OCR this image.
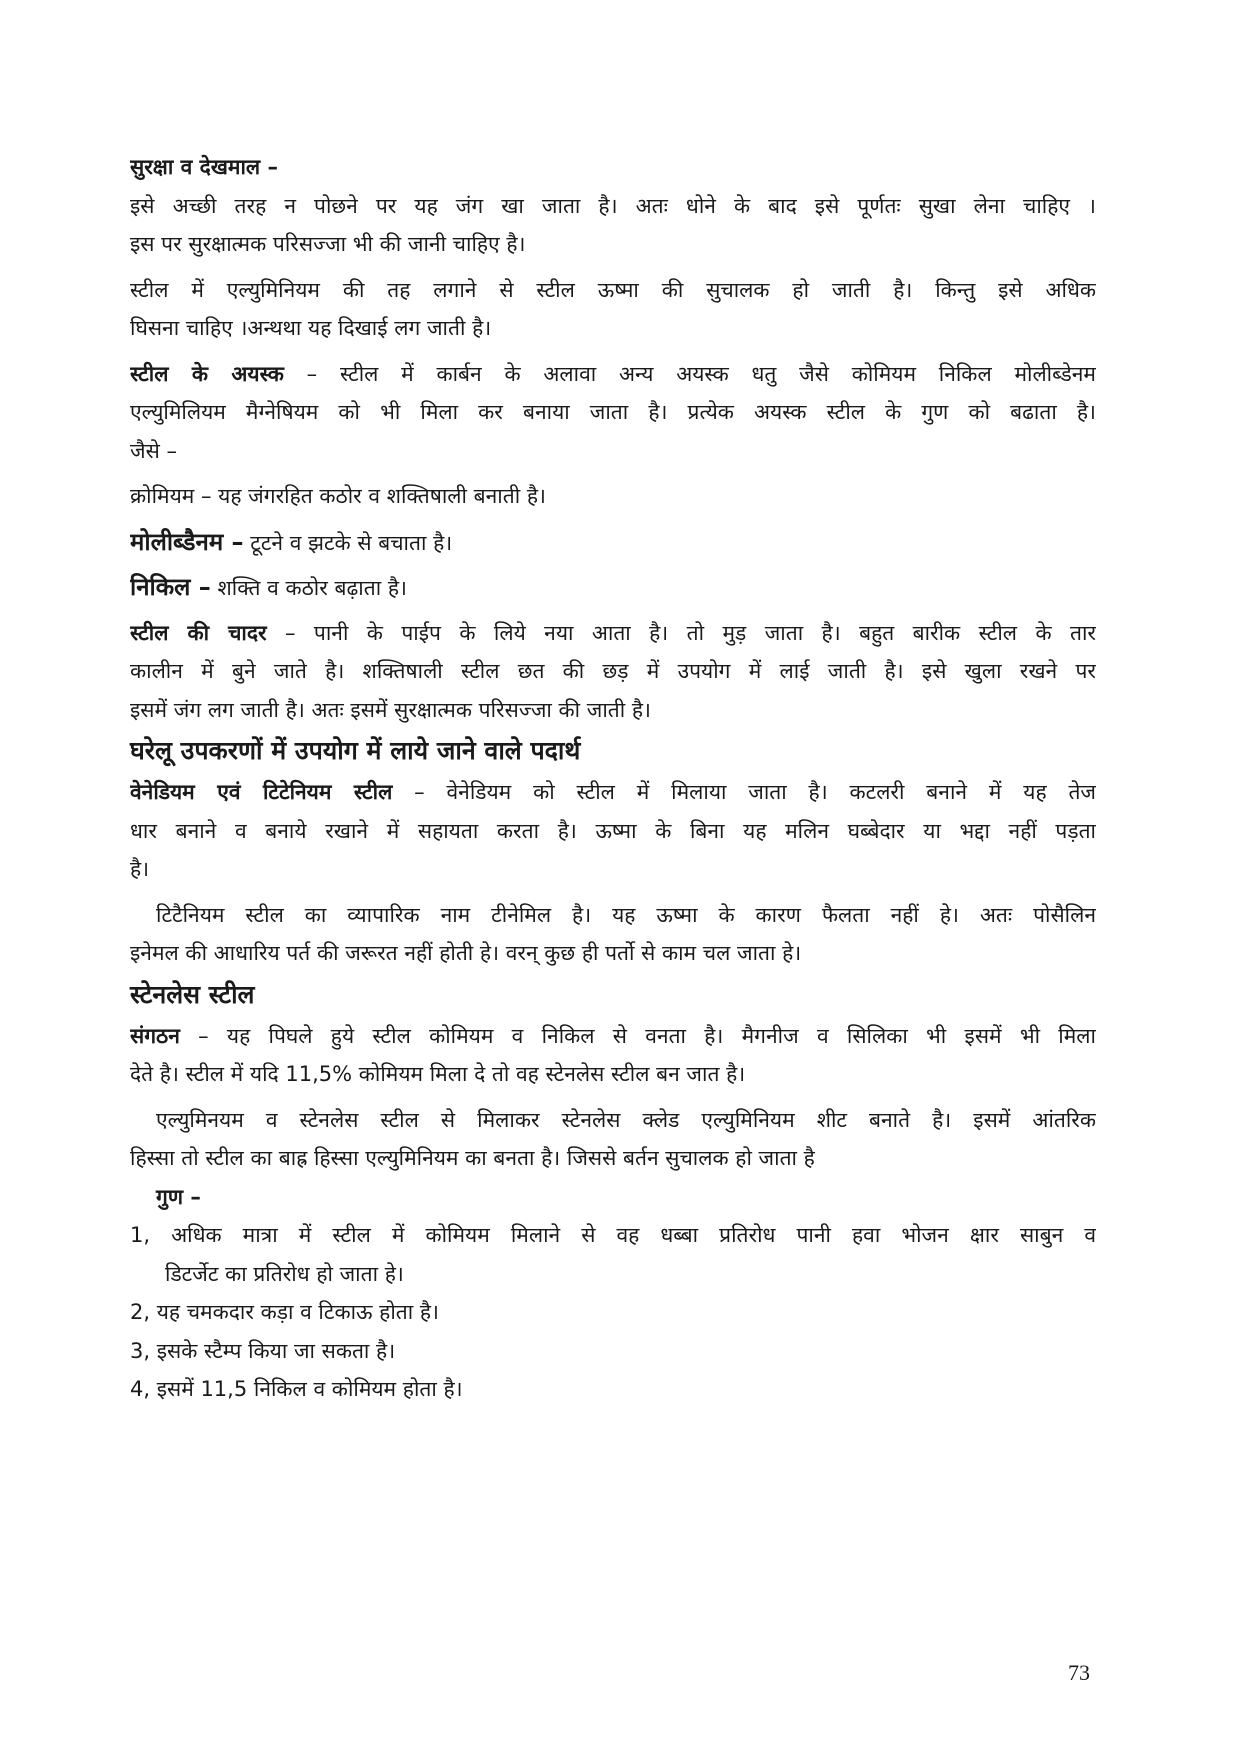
सुरक्षा व देखमाल –
इसे अच्छी तरह न पोछने पर यह जंग खा जाता है। अतः धोने के बाद इसे पूर्णतः सुखा लेना चाहिए ।
इस पर सुरक्षात्मक परिसज्जा भी की जानी चाहिए है।
स्टील में एल्युमिनियम की तह लगाने से स्टील ऊष्मा की सुचालक हो जाती है। किन्तु इसे अधिक
घिसना चाहिए ।अन्थथा यह दिखाई लग जाती है।
स्टील के अयस्क – स्टील में कार्बन के अलावा अन्य अयस्क धतु जैसे कोमियम निकिल मोलीब्डेनम
एल्युमिलियम मैग्नेषियम को भी मिला कर बनाया जाता है। प्रत्येक अयस्क स्टील के गुण को बढाता है।
जैसे –
क्रोमियम – यह जंगरहित कठोर व शक्तिषाली बनाती है।
मोलीब्डैनम – टूटने व झटके से बचाता है।
निकिल – शक्ति व कठोर बढ़ाता है।
स्टील की चादर – पानी के पाईप के लिये नया आता है। तो मुड़ जाता है। बहुत बारीक स्टील के तार
कालीन में बुने जाते है। शक्तिषाली स्टील छत की छड़ में उपयोग में लाई जाती है। इसे खुला रखने पर
इसमें जंग लग जाती है। अतः इसमें सुरक्षात्मक परिसज्जा की जाती है।
घरेलू उपकरणों में उपयोग में लाये जाने वाले पदार्थ
वेनेडियम एवं टिटेनियम स्टील – वेनेडियम को स्टील में मिलाया जाता है। कटलरी बनाने में यह तेज
धार बनाने व बनाये रखाने में सहायता करता है। ऊष्मा के बिना यह मलिन घब्बेदार या भद्दा नहीं पड़ता
है।
टिटैनियम स्टील का व्यापारिक नाम टीनेमिल है। यह ऊष्मा के कारण फैलता नहीं हे। अतः पोसैलिन
इनेमल की आधारिय पर्त की जरूरत नहीं होती हे। वरन् कुछ ही पर्तो से काम चल जाता हे।
स्टेनलेस स्टील
संगठन – यह पिघले हुये स्टील कोमियम व निकिल से वनता है। मैगनीज व सिलिका भी इसमें भी मिला
देते है। स्टील में यदि 11,5% कोमियम मिला दे तो वह स्टेनलेस स्टील बन जात है।
एल्युमिनयम व स्टेनलेस स्टील से मिलाकर स्टेनलेस क्लेड एल्युमिनियम शीट बनाते है। इसमें आंतरिक
हिस्सा तो स्टील का बाह्र हिस्सा एल्युमिनियम का बनता है। जिससे बर्तन सुचालक हो जाता है
गुण –
1, अधिक मात्रा में स्टील में कोमियम मिलाने से वह धब्बा प्रतिरोध पानी हवा भोजन क्षार साबुन व
डिटर्जेट का प्रतिरोध हो जाता हे।
2, यह चमकदार कड़ा व टिकाऊ होता है।
3, इसके स्टैम्प किया जा सकता है।
4, इसमें 11,5 निकिल व कोमियम होता है।
73
